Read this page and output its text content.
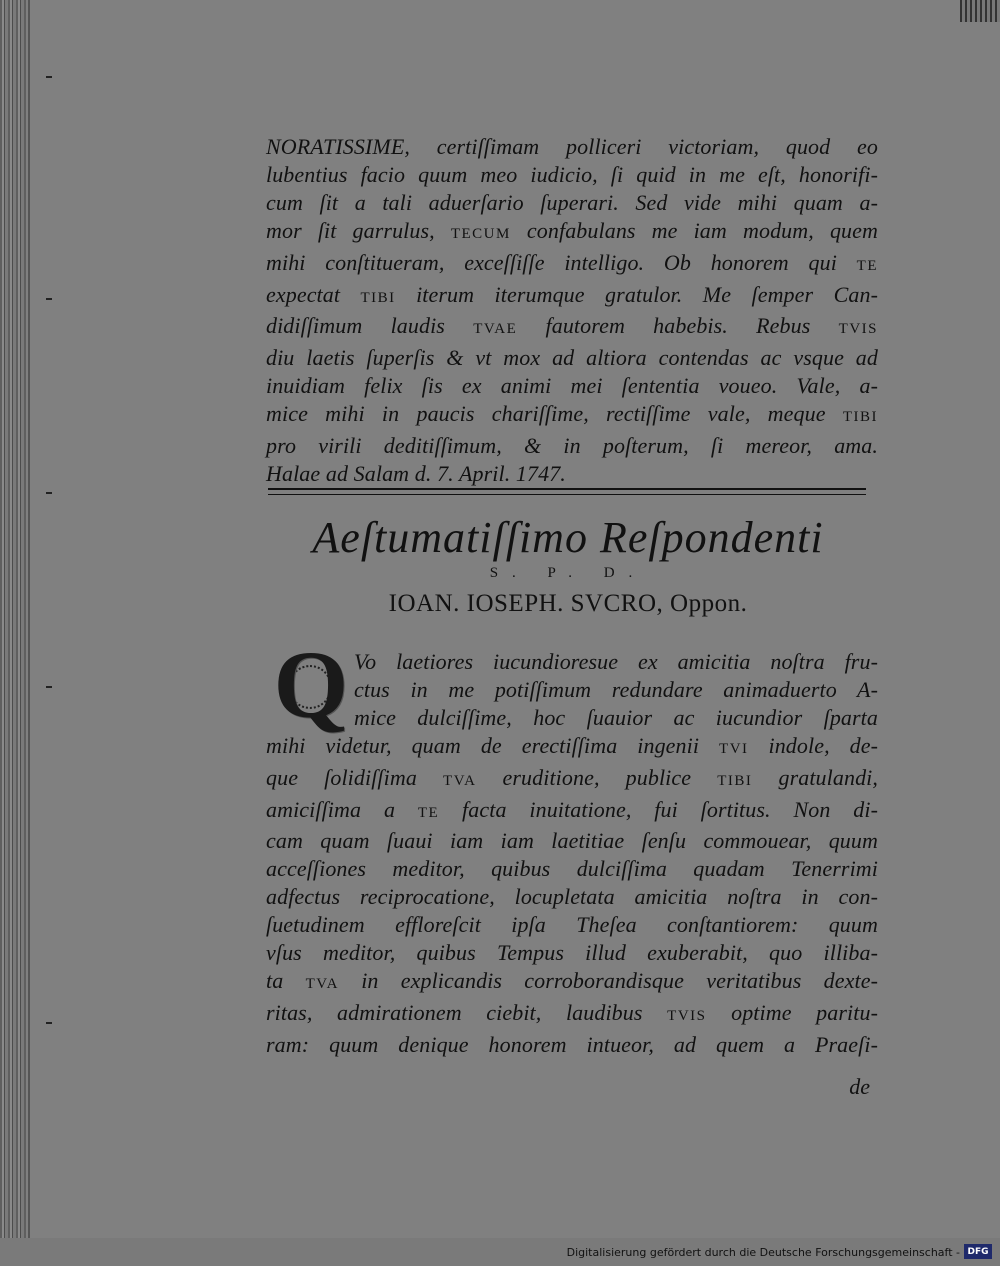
NORATISSIME, certiſſimam polliceri victoriam, quod eo
lubentius facio quum meo iudicio, ſi quid in me eſt, honorifi-
cum ſit a tali aduerſario ſuperari. Sed vide mihi quam a-
mor ſit garrulus, TECUM confabulans me iam modum, quem
mihi conſtitueram, exceſſiſſe intelligo. Ob honorem qui TE
expectat TIBI iterum iterumque gratulor. Me ſemper Can-
didiſſimum laudis TVAE fautorem habebis. Rebus TVIS
diu laetis ſuperſis & vt mox ad altiora contendas ac vsque ad
inuidiam felix ſis ex animi mei ſententia voueo. Vale, a-
mice mihi in paucis chariſſime, rectiſſime vale, meque TIBI
pro virili deditiſſimum, & in poſterum, ſi mereor, ama.
Halae ad Salam d. 7. April. 1747.
Aeſtumatiſſimo Reſpondenti
S. P. D.
IOAN. IOSEPH. SVCRO, Oppon.
Q Vo laetiores iucundioresue ex amicitia noſtra fru-
ctus in me potiſſimum redundare animaduerto A-
mice dulciſſime, hoc ſuauior ac iucundior ſparta
mihi videtur, quam de erectiſſima ingenii TVI indole, de-
que ſolidiſſima TVA eruditione, publice TIBI gratulandi,
amiciſſima a TE facta inuitatione, fui ſortitus. Non di-
cam quam ſuaui iam iam laetitiae ſenſu commouear, quum
acceſſiones meditor, quibus dulciſſima quadam Tenerrimi
adfectus reciprocatione, locupletata amicitia noſtra in con-
ſuetudinem effloreſcit ipſa Theſea conſtantiorem: quum
vſus meditor, quibus Tempus illud exuberabit, quo illiba-
ta TVA in explicandis corroborandisque veritatibus dexte-
ritas, admirationem ciebit, laudibus TVIS optime paritu-
ram: quum denique honorem intueor, ad quem a Praeſi-
de
Digitalisierung gefördert durch die Deutsche Forschungsgemeinschaft - DFG
